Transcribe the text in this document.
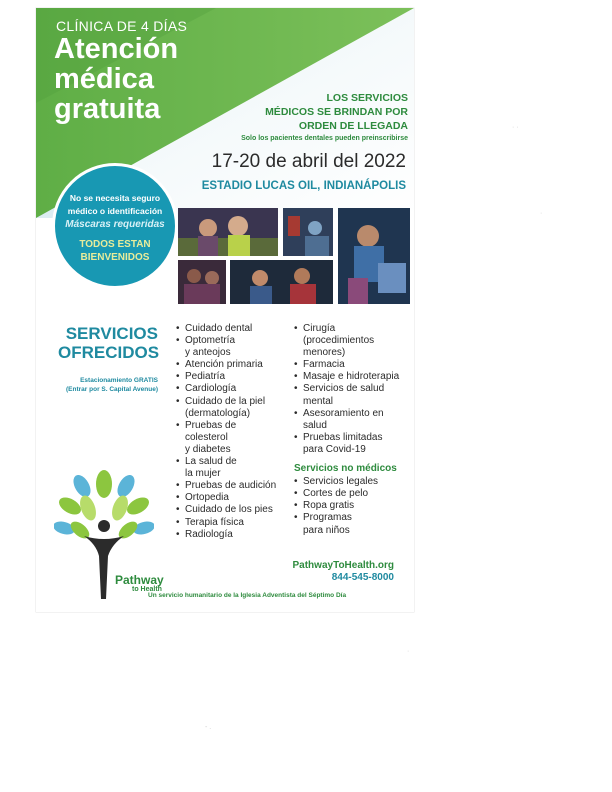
CLÍNICA DE 4 DÍAS
Atención
médica
gratuita	LOS SERVICIOS
MÉDICOS SE BRINDAN POR
ORDEN DE LLEGADA
Solo los pacientes dentales pueden preinscribirse
17-20 de abril del 2022
ESTADIO LUCAS OIL, INDIANÁPOLIS
No se necesita seguro
médico o identificación
Máscaras requeridas
TODOS ESTAN
BIENVENIDOS
SERVICIOS
OFRECIDOS
Estacionamiento GRATIS
(Entrar por S. Capital Avenue)
• Cuidado dental
• Optometría
y anteojos
• Atención primaria
• Pediatría
• Cardiología
• Cuidado de la piel
(dermatología)
• Pruebas de
colesterol
y diabetes
• La salud de
la mujer
• Pruebas de audición
• Ortopedia
• Cuidado de los pies
• Terapia física
• Radiología
• Cirugía
(procedimientos
menores)
• Farmacia
• Masaje e hidroterapia
• Servicios de salud
mental
• Asesoramiento en
salud
• Pruebas limitadas
para Covid-19
Servicios no médicos
• Servicios legales
• Cortes de pelo
• Ropa gratis
• Programas
para niños
Pathway
to Health
PathwayToHealth.org
844-545-8000
Un servicio humanitario de la Iglesia Adventista del Séptimo Día
· ·
·
- .
·
